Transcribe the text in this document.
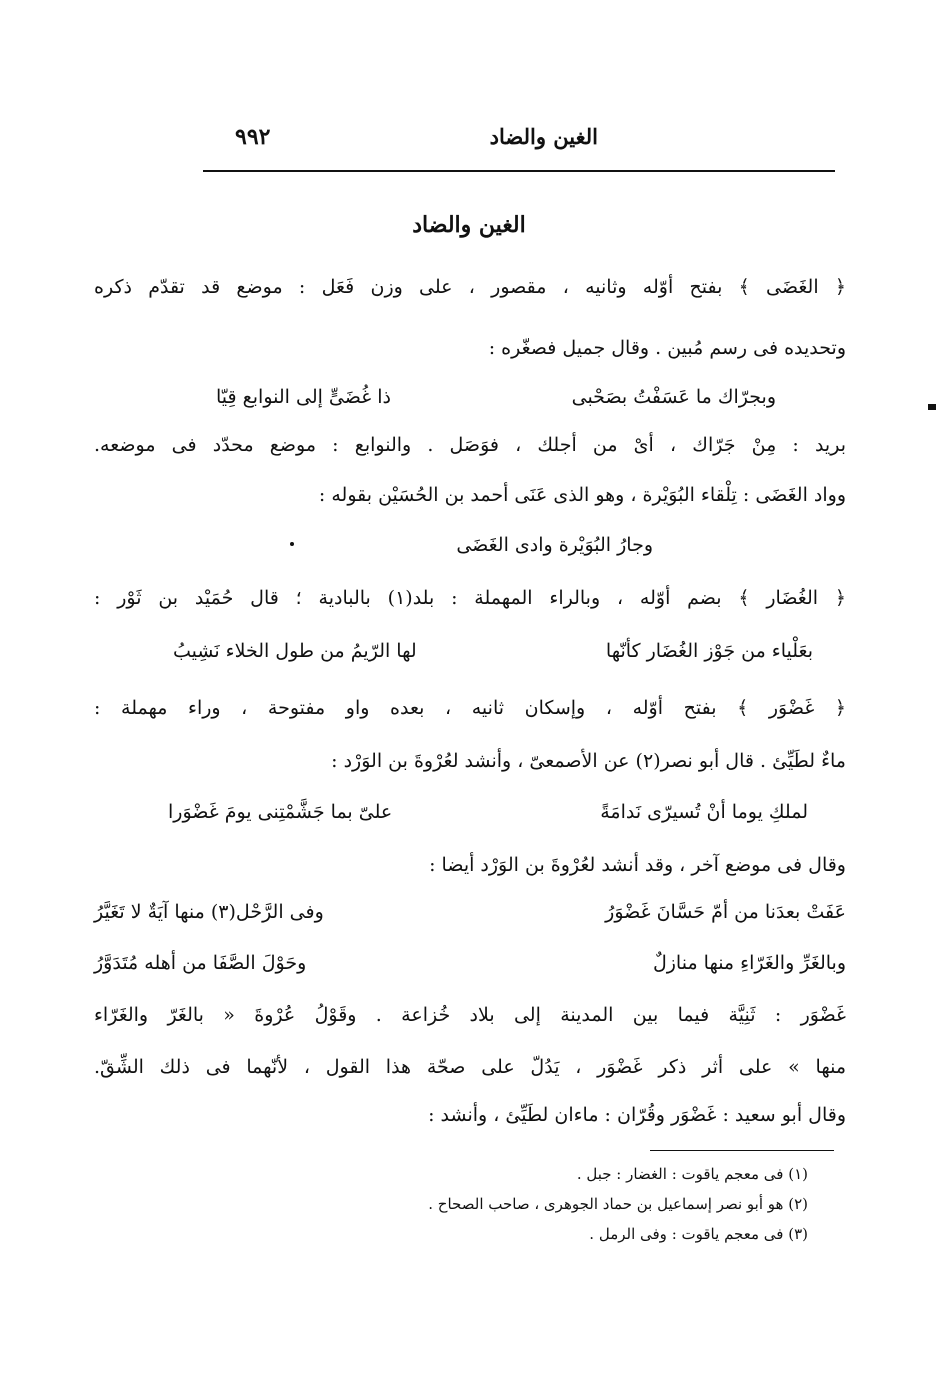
الغين والضاد
٩٩٢
الغين والضاد
﴿ الغَضَى ﴾ بفتح أوّله وثانيه ، مقصور ، على وزن فَعَل : موضع قد تقدّم ذكره
وتحديده فى رسم مُبين . وقال جميل فصغّره :
وبجرّاك ما عَسَفْتُ بصَحْبى
ذا غُضَىٍّ إلى النوابع قِيّا
بريد : مِنْ جَرّاك ، أىْ من أجلك ، فوَصَل . والنوابع : موضع محدّد فى موضعه.
وواد الغَضَى : تِلْقاء البُوَيْرة ، وهو الذى عَنَى أحمد بن الحُسَيْن بقوله :
وجارُ البُوَيْرة وادى الغَضَى
﴿ الغُضَار ﴾ بضم أوّله ، وبالراء المهملة : بلد(١) بالبادية ؛ قال حُمَيْد بن ثَوْر :
بعَلْياء من جَوْز الغُضَار كأنّها
لها الرّيمُ من طول الخلاء نَشِيبُ
﴿ غَضْوَر ﴾ بفتح أوّله ، وإسكان ثانيه ، بعده واو مفتوحة ، وراء مهملة :
ماءٌ لطَيِّئ . قال أبو نصر(٢) عن الأصمعىّ ، وأنشد لعُرْوةَ بن الوَرْد :
لملكِ يوما أنْ تُسيرّى نَدامَةً
علىّ بما جَشَّمْتِنى يومَ غَضْوَرا
وقال فى موضع آخر ، وقد أنشد لعُرْوةَ بن الوَرْد أيضا :
عَفَتْ بعدَنا من أمّ حَسَّانَ غَضْوَرُ
وفى الرَّحْل(٣) منها آيَةٌ لا تَغَيَّرُ
وبالغَرِّ والغَرّاءِ منها منازلٌ
وحَوْلَ الصَّفَا من أهله مُتَدَوَّرُ
غَضْوَر : ثَنِيَّة فيما بين المدينة إلى بلاد خُزاعة . وقَوْلُ عُرْوةَ « بالغَرّ والغَرّاء
منها » على أثر ذكر غَضْوَر ، يَدُلّ على صحّة هذا القول ، لأنّهما فى ذلك الشِّقّ.
وقال أبو سعيد : غَضْوَر وقُرّان : ماءان لطَيِّئ ، وأنشد :
(١) فى معجم ياقوت : الغضار : جبل .
(٢) هو أبو نصر إسماعيل بن حماد الجوهرى ، صاحب الصحاح .
(٣) فى معجم ياقوت : وفى الرمل .
